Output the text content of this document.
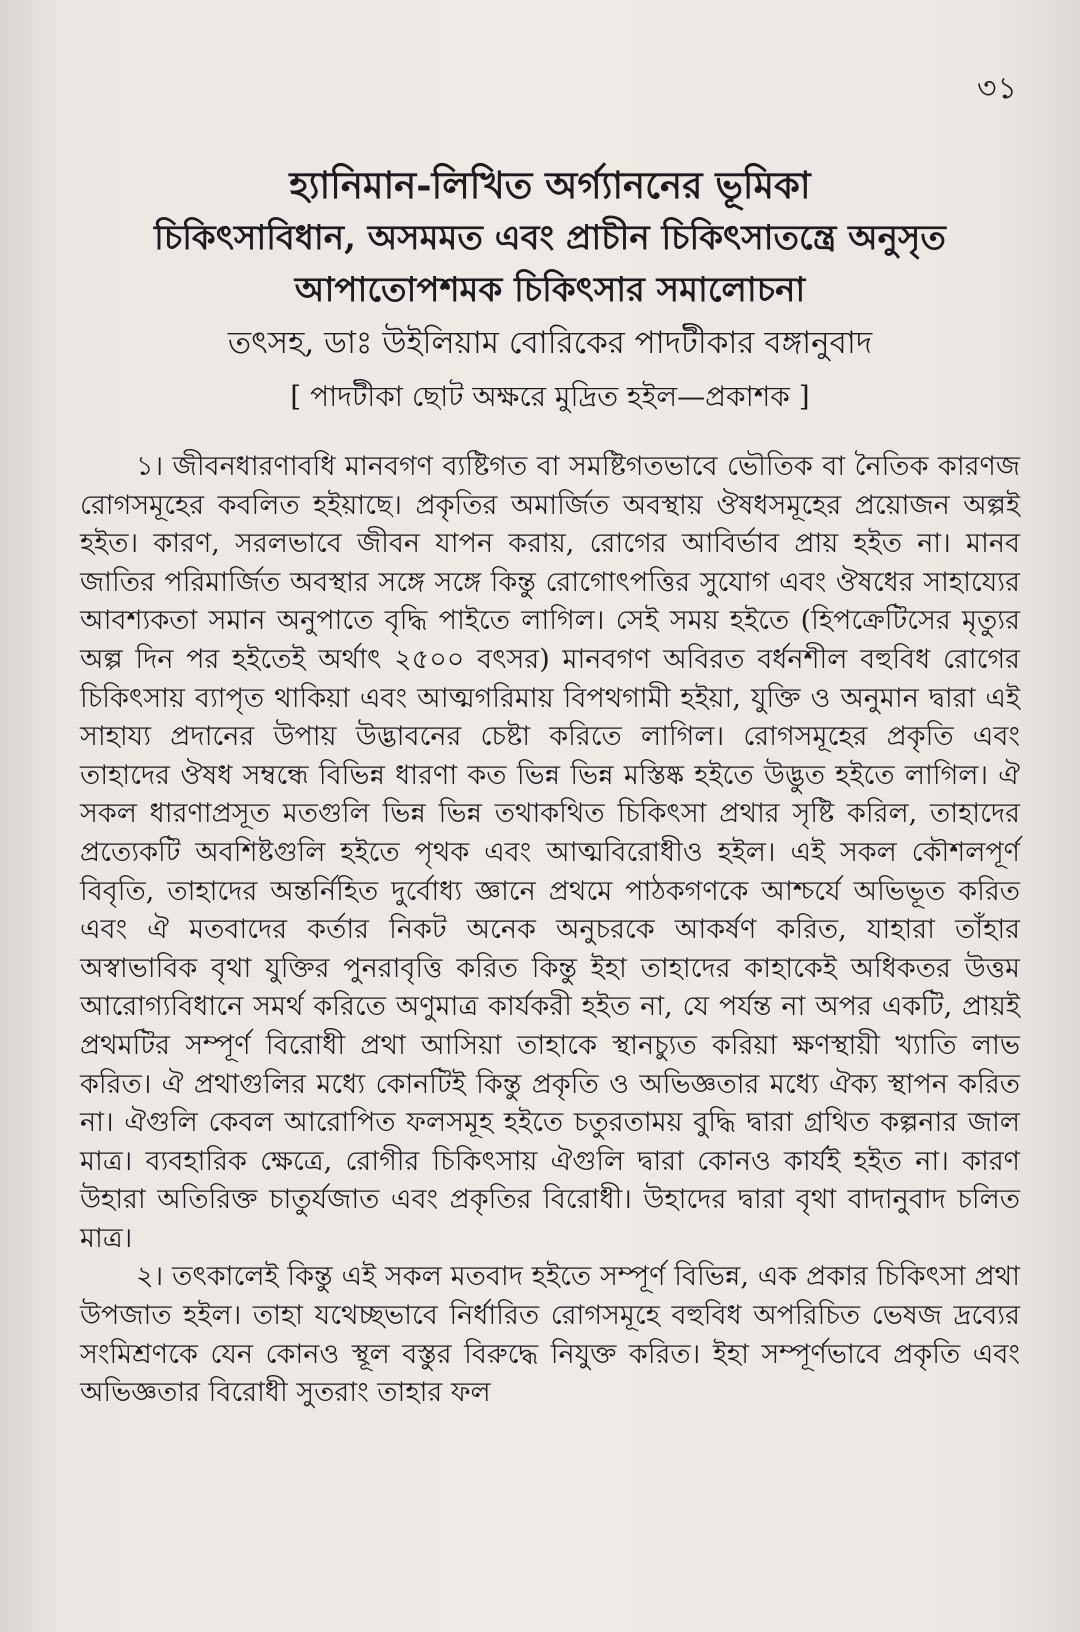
৩১

হ্যানিমান-লিখিত অর্গ্যাননের ভূমিকা

চিকিৎসাবিধান, অসমমত এবং প্রাচীন চিকিৎসাতন্ত্রে অনুসৃত

আপাতোপশমক চিকিৎসার সমালোচনা

তৎসহ, ডাঃ উইলিয়াম বোরিকের পাদটীকার বঙ্গানুবাদ

[ পাদটীকা ছোট অক্ষরে মুদ্রিত হইল—প্রকাশক ]

১। জীবনধারণাবধি মানবগণ ব্যষ্টিগত বা সমষ্টিগতভাবে ভৌতিক বা নৈতিক কারণজ রোগসমূহের কবলিত হইয়াছে। প্রকৃতির অমার্জিত অবস্থায় ঔষধসমূহের প্রয়োজন অল্পই হইত। কারণ, সরলভাবে জীবন যাপন করায়, রোগের আবির্ভাব প্রায় হইত না। মানব জাতির পরিমার্জিত অবস্থার সঙ্গে সঙ্গে কিন্তু রোগোৎপত্তির সুযোগ এবং ঔষধের সাহায্যের আবশ্যকতা সমান অনুপাতে বৃদ্ধি পাইতে লাগিল। সেই সময় হইতে (হিপক্রেটিসের মৃত্যুর অল্প দিন পর হইতেই অর্থাৎ ২৫০০ বৎসর) মানবগণ অবিরত বর্ধনশীল বহুবিধ রোগের চিকিৎসায় ব্যাপৃত থাকিয়া এবং আত্মগরিমায় বিপথগামী হইয়া, যুক্তি ও অনুমান দ্বারা এই সাহায্য প্রদানের উপায় উদ্ভাবনের চেষ্টা করিতে লাগিল। রোগসমূহের প্রকৃতি এবং তাহাদের ঔষধ সম্বন্ধে বিভিন্ন ধারণা কত ভিন্ন ভিন্ন মস্তিষ্ক হইতে উদ্ভুত হইতে লাগিল। ঐ সকল ধারণাপ্রসূত মতগুলি ভিন্ন ভিন্ন তথাকথিত চিকিৎসা প্রথার সৃষ্টি করিল, তাহাদের প্রত্যেকটি অবশিষ্টগুলি হইতে পৃথক এবং আত্মবিরোধীও হইল। এই সকল কৌশলপূর্ণ বিবৃতি, তাহাদের অন্তর্নিহিত দুর্বোধ্য জ্ঞানে প্রথমে পাঠকগণকে আশ্চর্যে অভিভূত করিত এবং ঐ মতবাদের কর্তার নিকট অনেক অনুচরকে আকর্ষণ করিত, যাহারা তাঁহার অস্বাভাবিক বৃথা যুক্তির পুনরাবৃত্তি করিত কিন্তু ইহা তাহাদের কাহাকেই অধিকতর উত্তম আরোগ্যবিধানে সমর্থ করিতে অণুমাত্র কার্যকরী হইত না, যে পর্যন্ত না অপর একটি, প্রায়ই প্রথমটির সম্পূর্ণ বিরোধী প্রথা আসিয়া তাহাকে স্থানচ্যুত করিয়া ক্ষণস্থায়ী খ্যাতি লাভ করিত। ঐ প্রথাগুলির মধ্যে কোনটিই কিন্তু প্রকৃতি ও অভিজ্ঞতার মধ্যে ঐক্য স্থাপন করিত না। ঐগুলি কেবল আরোপিত ফলসমূহ হইতে চতুরতাময় বুদ্ধি দ্বারা গ্রথিত কল্পনার জাল মাত্র। ব্যবহারিক ক্ষেত্রে, রোগীর চিকিৎসায় ঐগুলি দ্বারা কোনও কার্যই হইত না। কারণ উহারা অতিরিক্ত চাতুর্যজাত এবং প্রকৃতির বিরোধী। উহাদের দ্বারা বৃথা বাদানুবাদ চলিত মাত্র।

২। তৎকালেই কিন্তু এই সকল মতবাদ হইতে সম্পূর্ণ বিভিন্ন, এক প্রকার চিকিৎসা প্রথা উপজাত হইল। তাহা যথেচ্ছভাবে নির্ধারিত রোগসমূহে বহুবিধ অপরিচিত ভেষজ দ্রব্যের সংমিশ্রণকে যেন কোনও স্থূল বস্তুর বিরুদ্ধে নিযুক্ত করিত। ইহা সম্পূর্ণভাবে প্রকৃতি এবং অভিজ্ঞতার বিরোধী সুতরাং তাহার ফল
